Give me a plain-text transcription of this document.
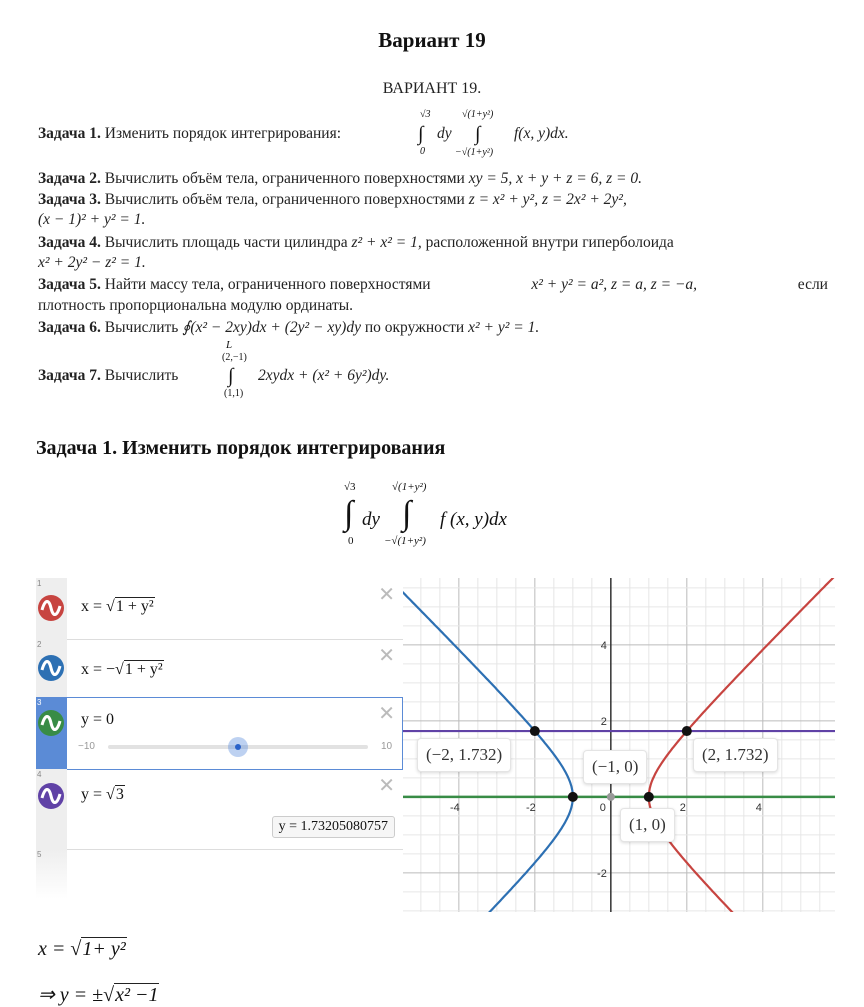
Вариант 19
ВАРИАНТ 19.
Задача 1. Изменить порядок интегрирования:	∫
√3
0
dy ∫
√(1+y²)
−√(1+y²)
f(x, y)dx.
Задача 2. Вычислить объём тела, ограниченного поверхностями xy = 5, x + y + z = 6, z = 0.
Задача 3. Вычислить объём тела, ограниченного поверхностями z = x² + y², z = 2x² + 2y²,
(x − 1)² + y² = 1.
Задача 4. Вычислить площадь части цилиндра z² + x² = 1, расположенной внутри гиперболоида
x² + 2y² − z² = 1.
Задача 5. Найти массу тела, ограниченного поверхностями	x² + y² = a², z = a, z = −a,	если
плотность пропорциональна модулю ординаты.
Задача 6. Вычислить ∮(x² − 2xy)dx + (2y² − xy)dy по окружности x² + y² = 1.
L
Задача 7. Вычислить ∫
(2,−1)
(1,1)
2xydx + (x² + 6y²)dy.
Задача 1. Изменить порядок интегрирования
√3
∫
0
dy
√(1+y²)
∫
−√(1+y²)
f (x, y)dx
1
x = √1 + y²
✕
2
x = −√1 + y²
✕
3
y = 0	✕
−10	10
4
y = √3	✕
y = 1.73205080757
5
-4	-2	0	2	4
4
2
-2
(−2, 1.732)	(2, 1.732)
(−1, 0)
(1, 0)
x = √1+ y²
⇒ y = ±√x² −1
